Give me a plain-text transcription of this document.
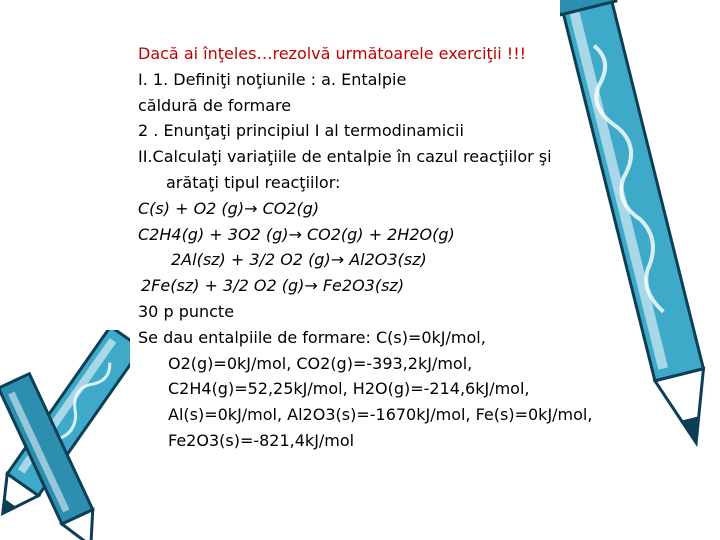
Dacă ai înţeles…rezolvă următoarele exerciţii !!!
I. 1. Definiţi noţiunile : a. Entalpie
căldură de formare
2 . Enunţaţi principiul I al termodinamicii
II.Calculaţi variaţiile de entalpie în cazul reacţiilor şi
arătaţi tipul reacţiilor:
C(s) + O2 (g)→ CO2(g)
C2H4(g) + 3O2 (g)→ CO2(g) + 2H2O(g)
2Al(sz) + 3/2 O2 (g)→ Al2O3(sz)
2Fe(sz) + 3/2 O2 (g)→ Fe2O3(sz)
30 p puncte
Se dau entalpiile de formare: C(s)=0kJ/mol,
O2(g)=0kJ/mol, CO2(g)=-393,2kJ/mol,
C2H4(g)=52,25kJ/mol, H2O(g)=-214,6kJ/mol,
Al(s)=0kJ/mol, Al2O3(s)=-1670kJ/mol, Fe(s)=0kJ/mol,
Fe2O3(s)=-821,4kJ/mol
